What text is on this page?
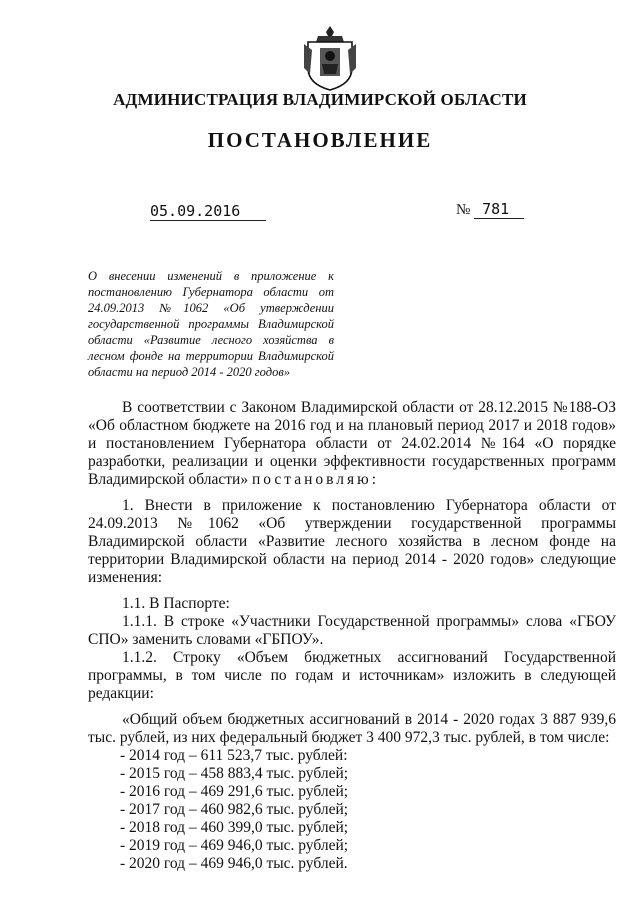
АДМИНИСТРАЦИЯ ВЛАДИМИРСКОЙ ОБЛАСТИ
ПОСТАНОВЛЕНИЕ
05.09.2016	№ 781
О внесении изменений в приложение к постановлению Губернатора области от 24.09.2013 №1062 «Об утверждении государственной программы Владимирской области «Развитие лесного хозяйства в лесном фонде на территории Владимирской области на период 2014 - 2020 годов»

В соответствии с Законом Владимирской области от 28.12.2015 №188-ОЗ «Об областном бюджете на 2016 год и на плановый период 2017 и 2018 годов» и постановлением Губернатора области от 24.02.2014 №164 «О порядке разработки, реализации и оценки эффективности государственных программ Владимирской области» постановляю:

1. Внести в приложение к постановлению Губернатора области от 24.09.2013 №1062 «Об утверждении государственной программы Владимирской области «Развитие лесного хозяйства в лесном фонде на территории Владимирской области на период 2014 - 2020 годов» следующие изменения:

1.1. В Паспорте:

1.1.1. В строке «Участники Государственной программы» слова «ГБОУ СПО» заменить словами «ГБПОУ».

1.1.2. Строку «Объем бюджетных ассигнований Государственной программы, в том числе по годам и источникам» изложить в следующей редакции:

«Общий объем бюджетных ассигнований в 2014 - 2020 годах 3 887 939,6 тыс. рублей, из них федеральный бюджет 3 400 972,3 тыс. рублей, в том числе:

- 2014 год – 611 523,7 тыс. рублей:
- 2015 год – 458 883,4 тыс. рублей;
- 2016 год – 469 291,6 тыс. рублей;
- 2017 год – 460 982,6 тыс. рублей;
- 2018 год – 460 399,0 тыс. рублей;
- 2019 год – 469 946,0 тыс. рублей;
- 2020 год – 469 946,0 тыс. рублей.
